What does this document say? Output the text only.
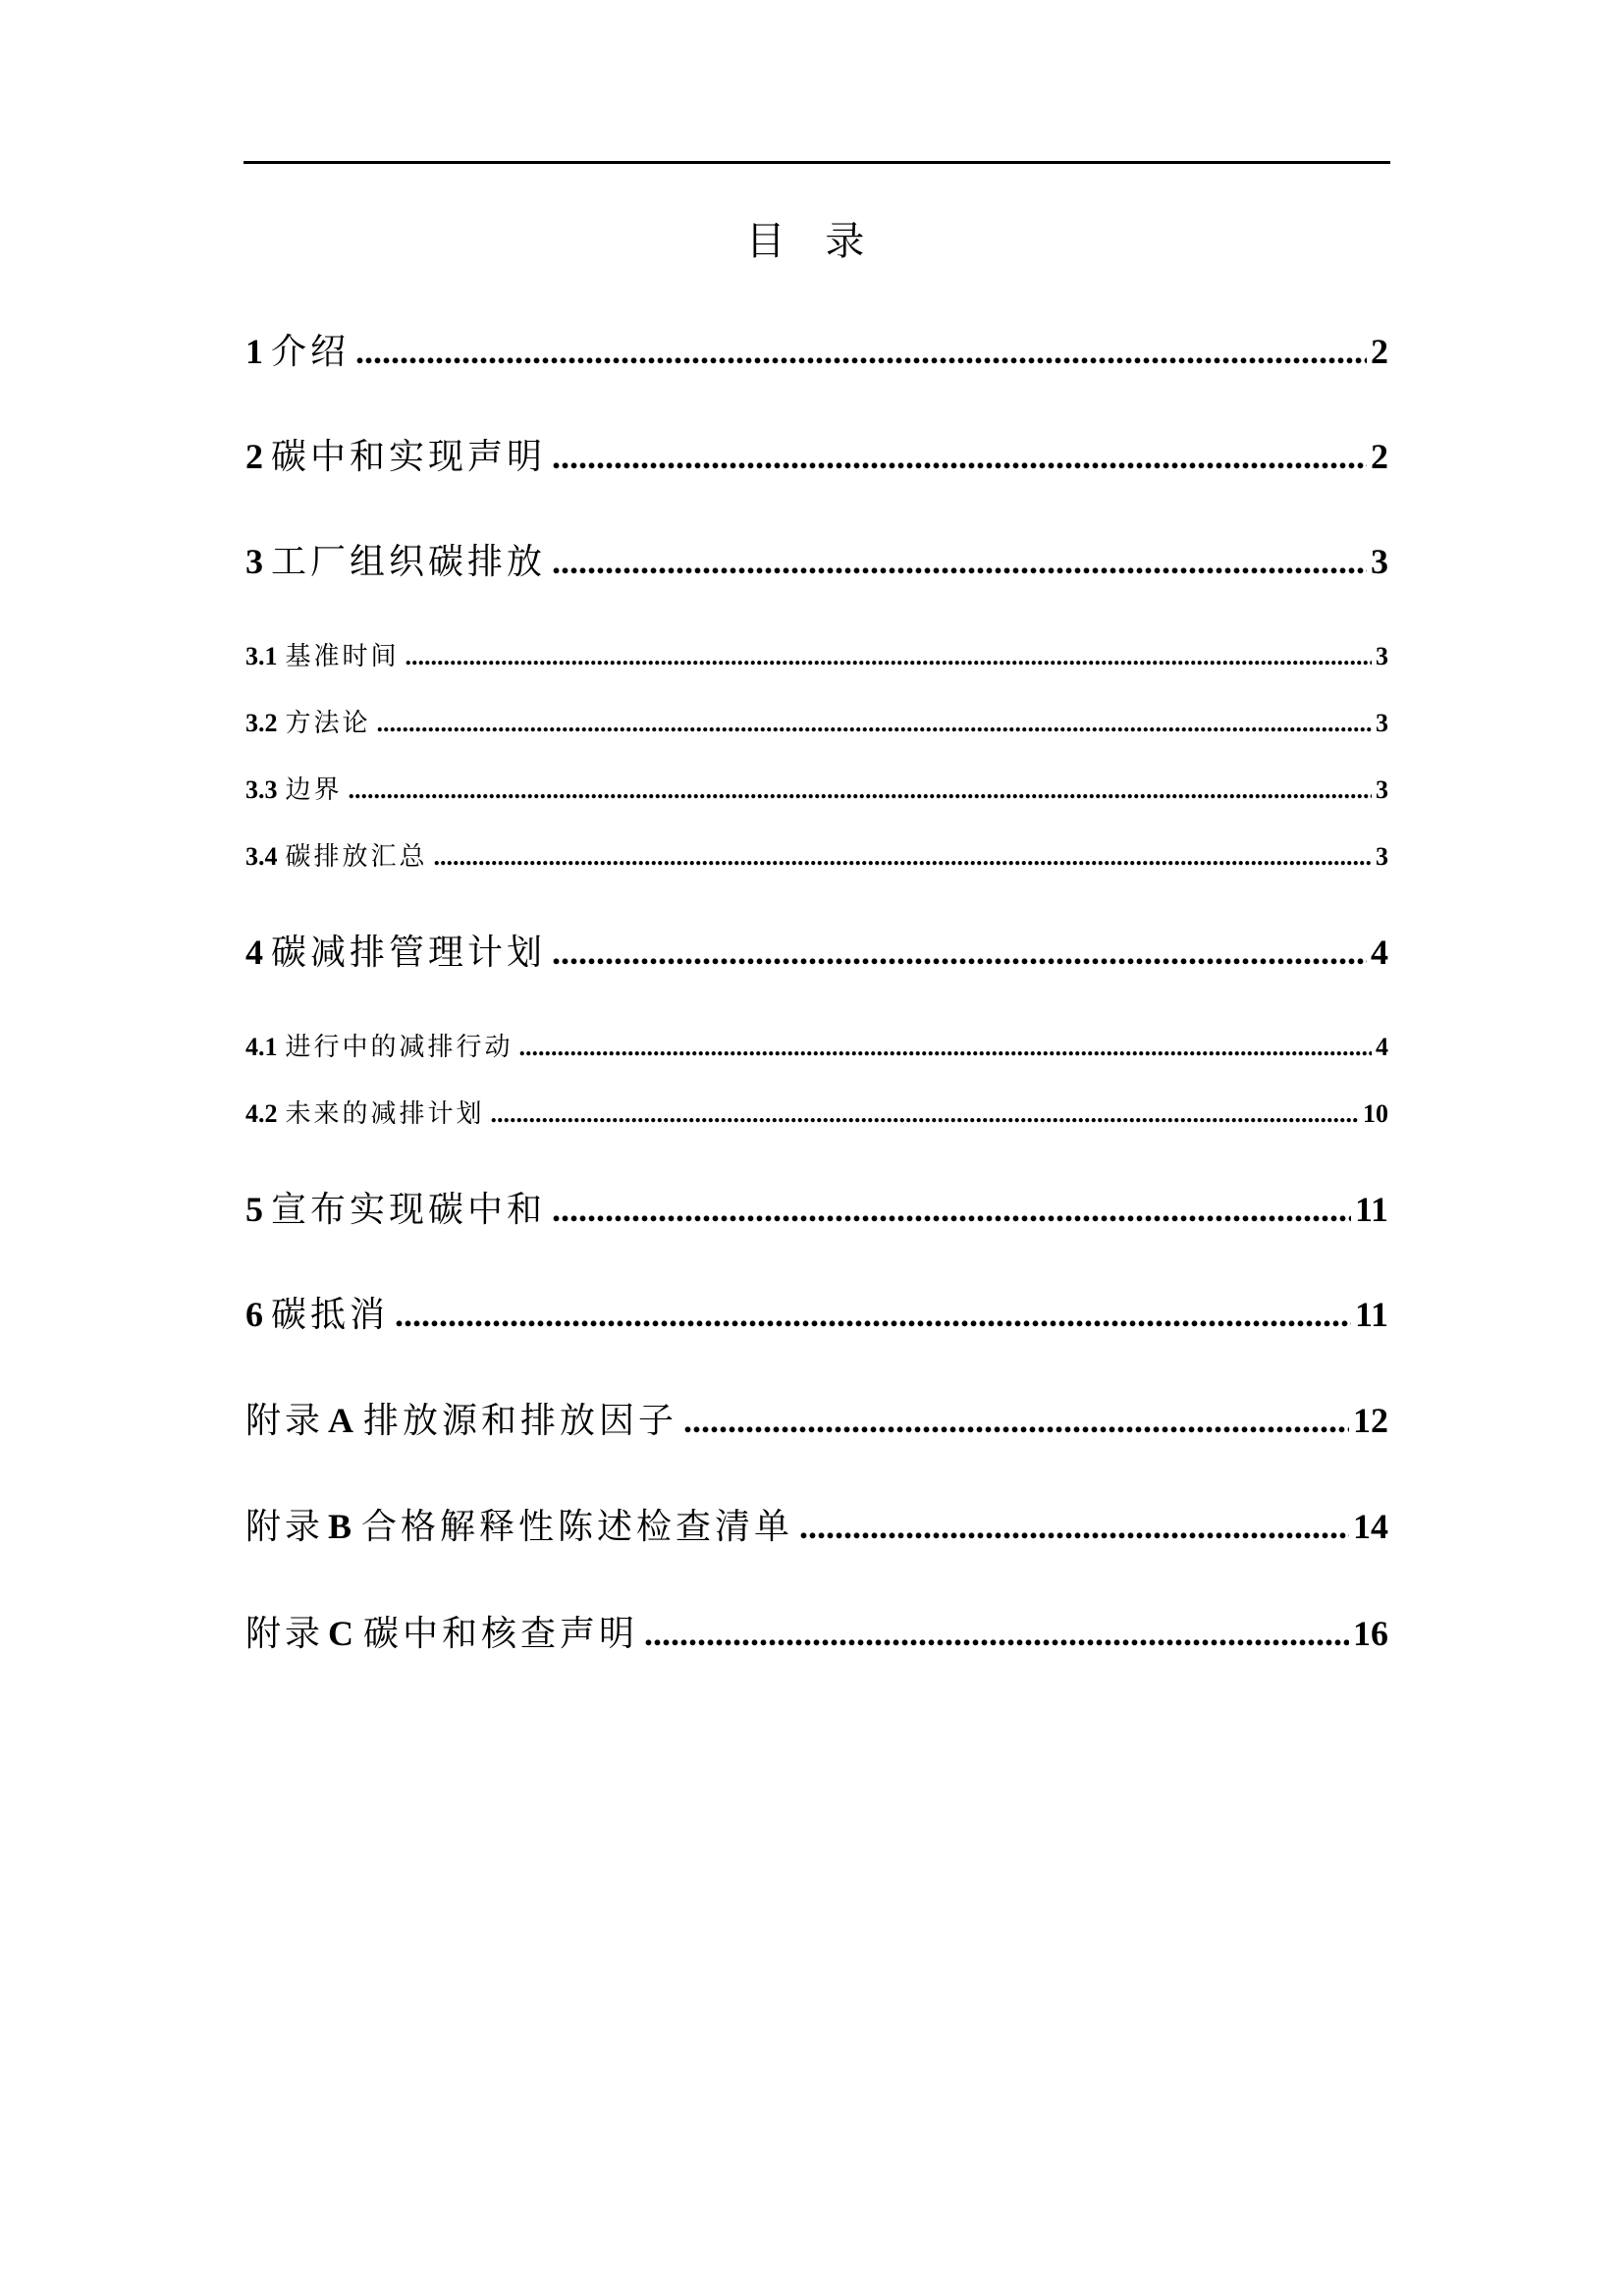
目 录
1 介绍 .....	2
2 碳中和实现声明 .....	2
3 工厂组织碳排放 .....	3
3.1 基准时间 .....	3
3.2 方法论 .....	3
3.3 边界 .....	3
3.4 碳排放汇总 .....	3
4 碳减排管理计划 .....	4
4.1 进行中的减排行动 .....	4
4.2 未来的减排计划 .....	10
5 宣布实现碳中和 .....	11
6 碳抵消 .....	11
附录 A 排放源和排放因子 .....	12
附录 B 合格解释性陈述检查清单 .....	14
附录 C 碳中和核查声明 .....	16
